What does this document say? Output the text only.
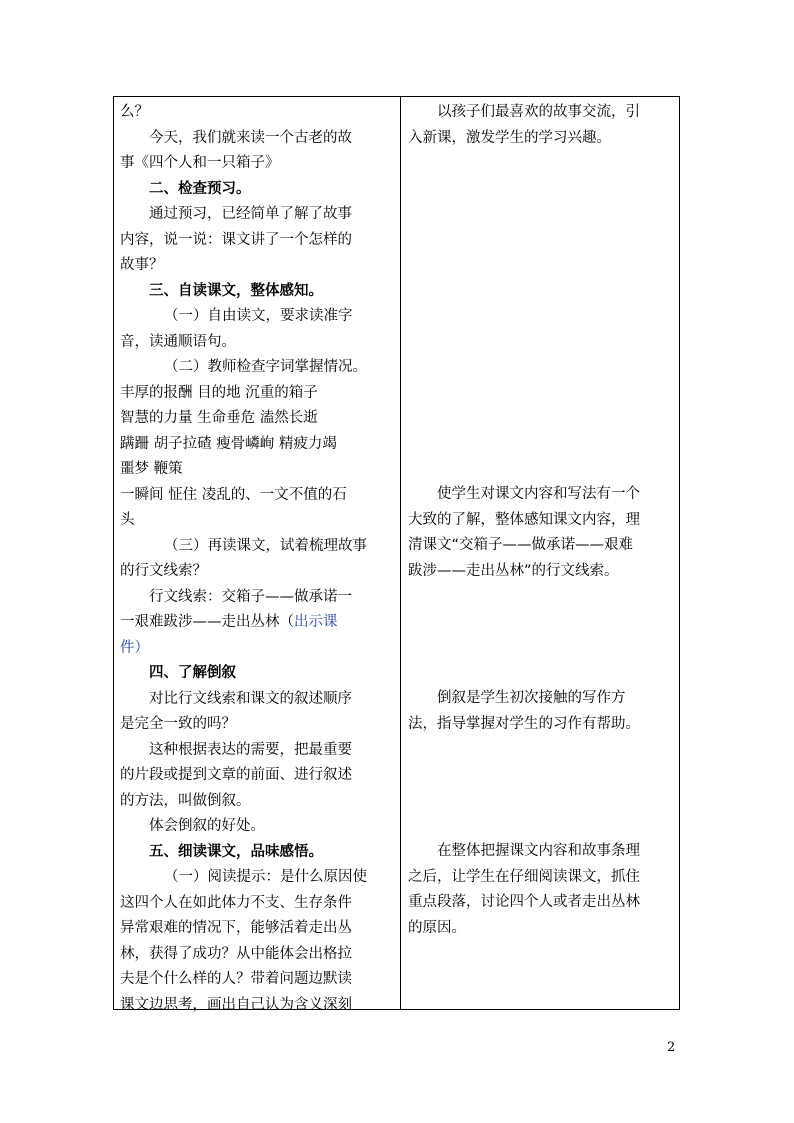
么？
今天，我们就来读一个古老的故
事《四个人和一只箱子》
二、检查预习。
通过预习，已经简单了解了故事
内容，说一说：课文讲了一个怎样的
故事？
三、自读课文，整体感知。
（一）自由读文，要求读准字
音，读通顺语句。
（二）教师检查字词掌握情况。
丰厚的报酬 目的地 沉重的箱子
智慧的力量 生命垂危 溘然长逝
蹒跚 胡子拉碴 瘦骨嶙峋 精疲力竭
噩梦 鞭策
一瞬间 怔住 凌乱的、一文不值的石
头
（三）再读课文，试着梳理故事
的行文线索？
行文线索：交箱子——做承诺一
一艰难跋涉——走出丛林（出示课
件）
四、了解倒叙
对比行文线索和课文的叙述顺序
是完全一致的吗？
这种根据表达的需要，把最重要
的片段或提到文章的前面、进行叙述
的方法，叫做倒叙。
体会倒叙的好处。
五、细读课文，品味感悟。
（一）阅读提示：是什么原因使
这四个人在如此体力不支、生存条件
异常艰难的情况下，能够活着走出丛
林，获得了成功？从中能体会出格拉
夫是个什么样的人？带着问题边默读
课文边思考，画出自己认为含义深刻
以孩子们最喜欢的故事交流，引
入新课，激发学生的学习兴趣。
使学生对课文内容和写法有一个
大致的了解，整体感知课文内容，理
清课文“交箱子——做承诺——艰难
跋涉——走出丛林”的行文线索。
倒叙是学生初次接触的写作方
法，指导掌握对学生的习作有帮助。
在整体把握课文内容和故事条理
之后，让学生在仔细阅读课文，抓住
重点段落，讨论四个人或者走出丛林
的原因。
2
